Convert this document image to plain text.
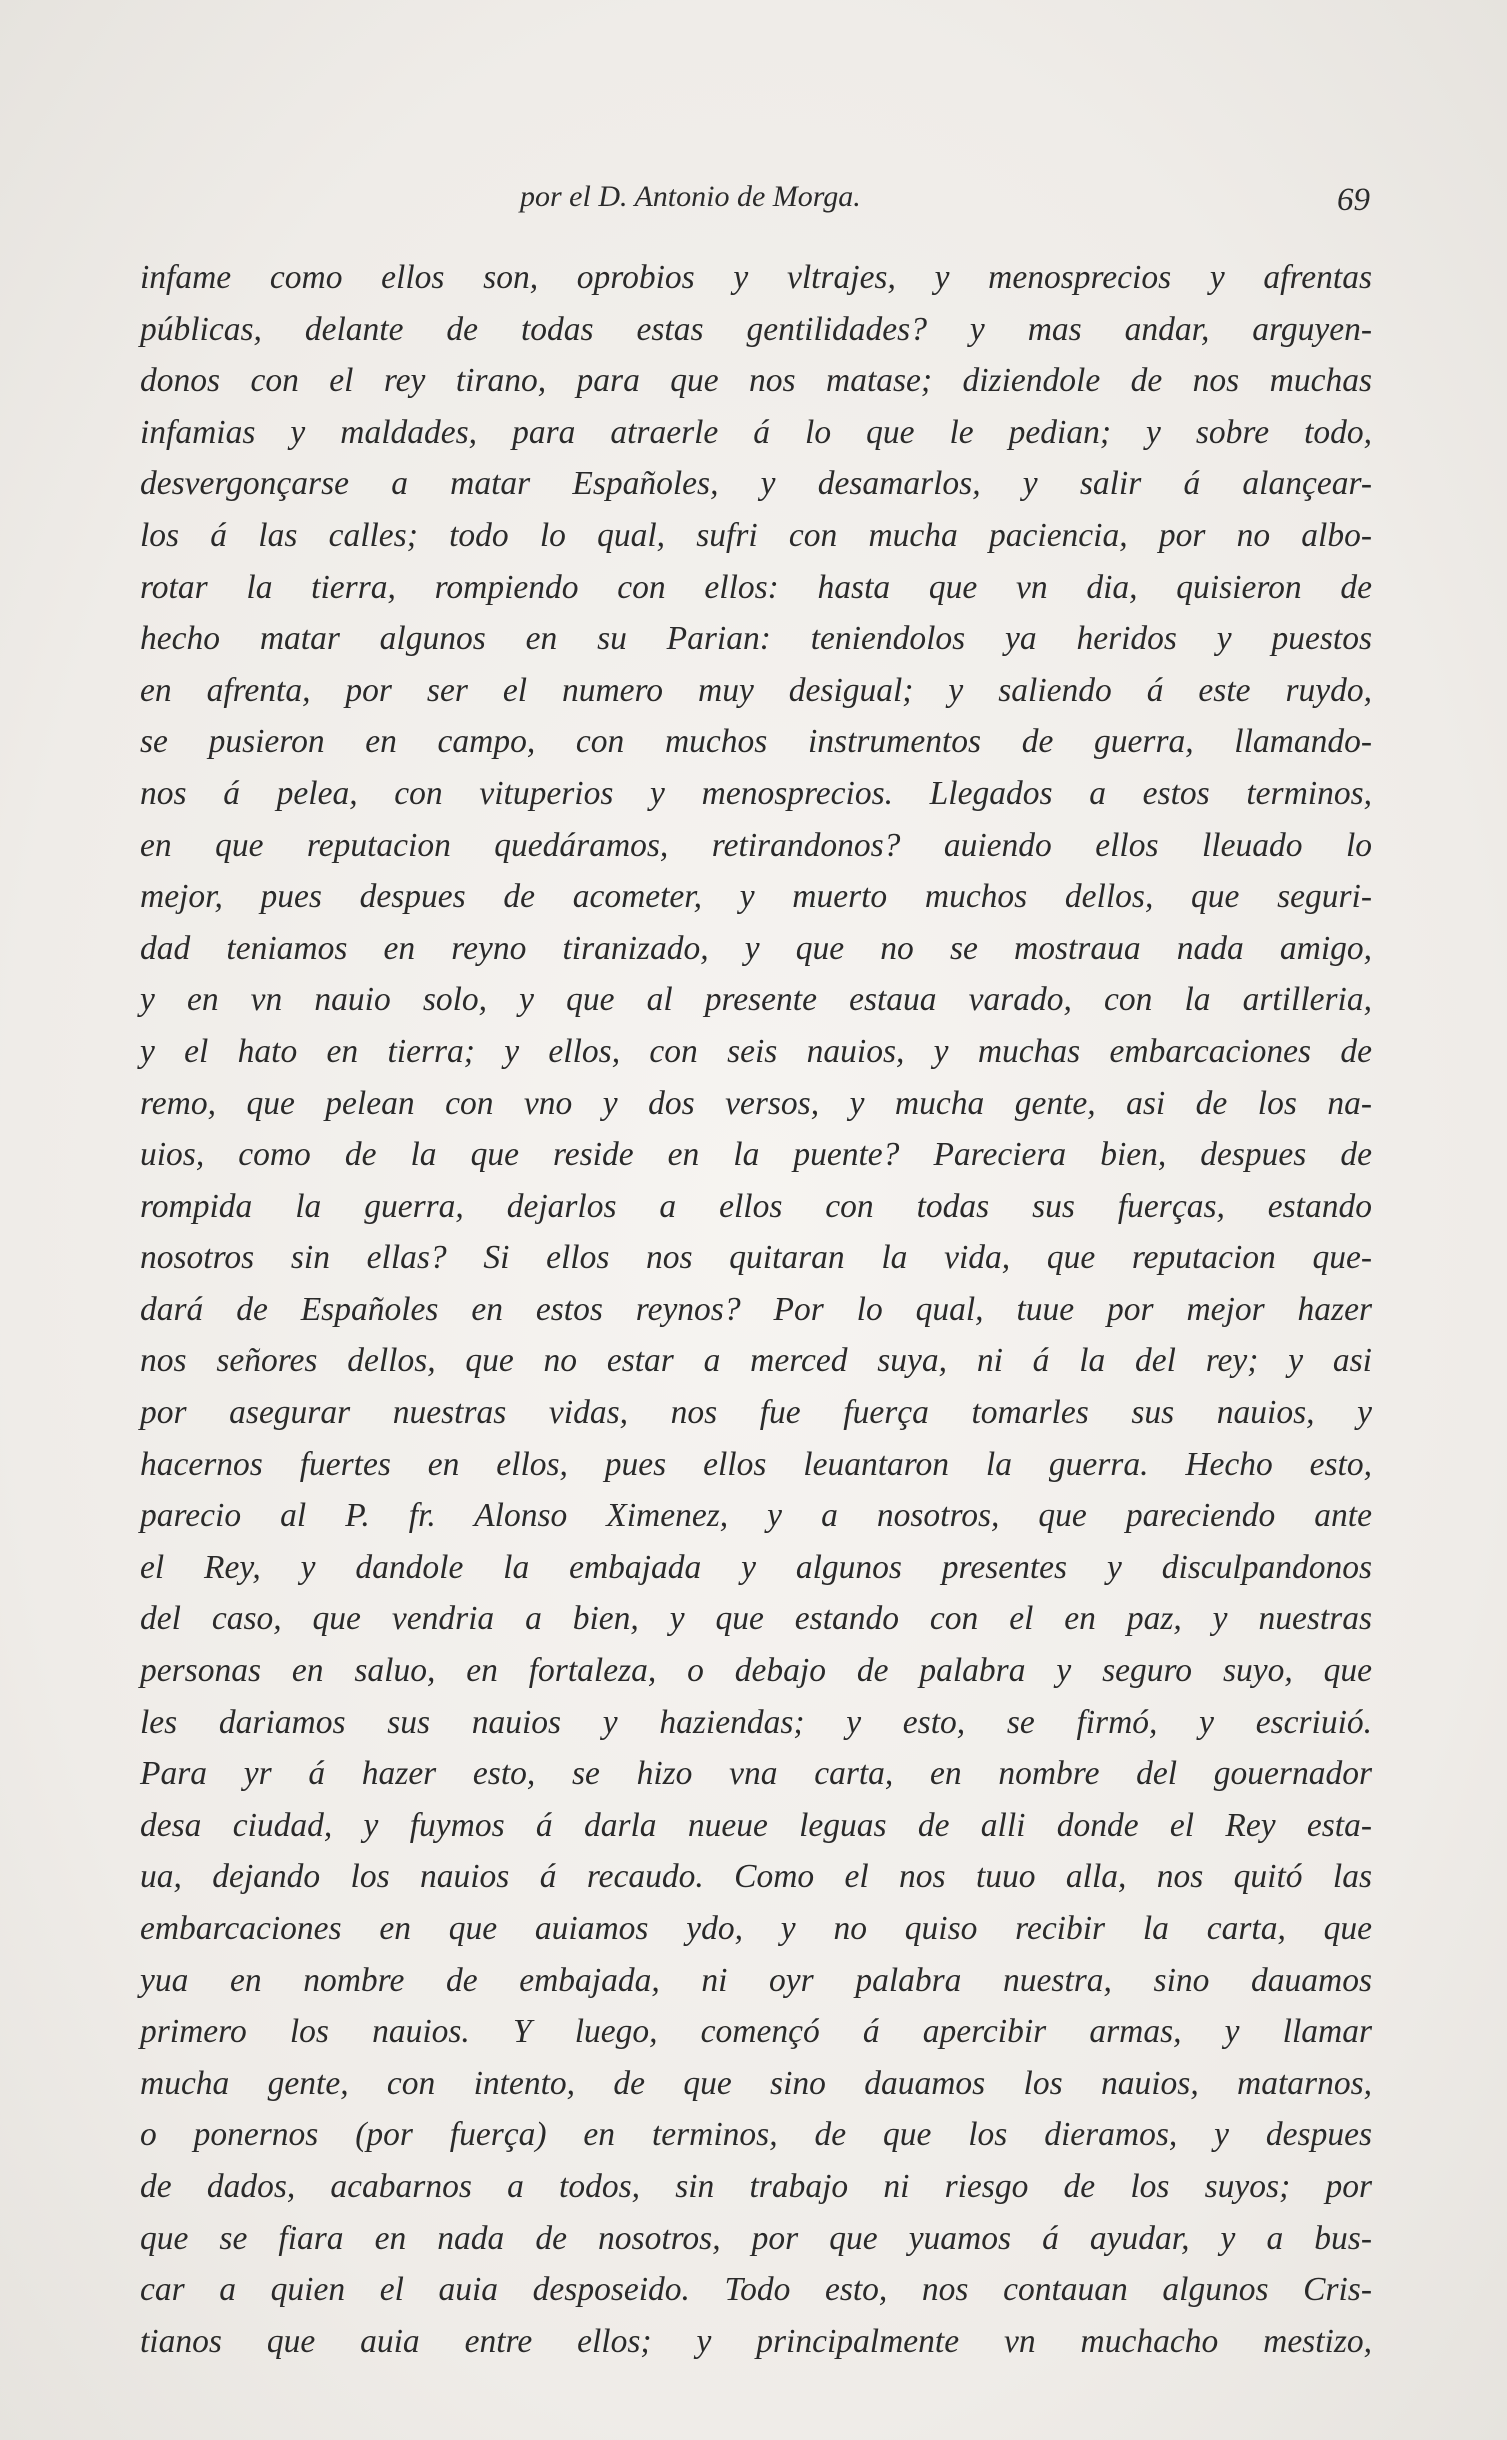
por el D. Antonio de Morga.	69
infame como ellos son, oprobios y vltrajes, y menosprecios y afrentas
públicas, delante de todas estas gentilidades? y mas andar, arguyen-
donos con el rey tirano, para que nos matase; diziendole de nos muchas
infamias y maldades, para atraerle á lo que le pedian; y sobre todo,
desvergonçarse a matar Españoles, y desamarlos, y salir á alançear-
los á las calles; todo lo qual, sufri con mucha paciencia, por no albo-
rotar la tierra, rompiendo con ellos: hasta que vn dia, quisieron de
hecho matar algunos en su Parian: teniendolos ya heridos y puestos
en afrenta, por ser el numero muy desigual; y saliendo á este ruydo,
se pusieron en campo, con muchos instrumentos de guerra, llamando-
nos á pelea, con vituperios y menosprecios. Llegados a estos terminos,
en que reputacion quedáramos, retirandonos? auiendo ellos lleuado lo
mejor, pues despues de acometer, y muerto muchos dellos, que seguri-
dad teniamos en reyno tiranizado, y que no se mostraua nada amigo,
y en vn nauio solo, y que al presente estaua varado, con la artilleria,
y el hato en tierra; y ellos, con seis nauios, y muchas embarcaciones de
remo, que pelean con vno y dos versos, y mucha gente, asi de los na-
uios, como de la que reside en la puente? Pareciera bien, despues de
rompida la guerra, dejarlos a ellos con todas sus fuerças, estando
nosotros sin ellas? Si ellos nos quitaran la vida, que reputacion que-
dará de Españoles en estos reynos? Por lo qual, tuue por mejor hazer
nos señores dellos, que no estar a merced suya, ni á la del rey; y asi
por asegurar nuestras vidas, nos fue fuerça tomarles sus nauios, y
hacernos fuertes en ellos, pues ellos leuantaron la guerra. Hecho esto,
parecio al P. fr. Alonso Ximenez, y a nosotros, que pareciendo ante
el Rey, y dandole la embajada y algunos presentes y disculpandonos
del caso, que vendria a bien, y que estando con el en paz, y nuestras
personas en saluo, en fortaleza, o debajo de palabra y seguro suyo, que
les dariamos sus nauios y haziendas; y esto, se firmó, y escriuió.
Para yr á hazer esto, se hizo vna carta, en nombre del gouernador
desa ciudad, y fuymos á darla nueue leguas de alli donde el Rey esta-
ua, dejando los nauios á recaudo. Como el nos tuuo alla, nos quitó las
embarcaciones en que auiamos ydo, y no quiso recibir la carta, que
yua en nombre de embajada, ni oyr palabra nuestra, sino dauamos
primero los nauios. Y luego, començó á apercibir armas, y llamar
mucha gente, con intento, de que sino dauamos los nauios, matarnos,
o ponernos (por fuerça) en terminos, de que los dieramos, y despues
de dados, acabarnos a todos, sin trabajo ni riesgo de los suyos; por
que se fiara en nada de nosotros, por que yuamos á ayudar, y a bus-
car a quien el auia desposeido. Todo esto, nos contauan algunos Cris-
tianos que auia entre ellos; y principalmente vn muchacho mestizo,
